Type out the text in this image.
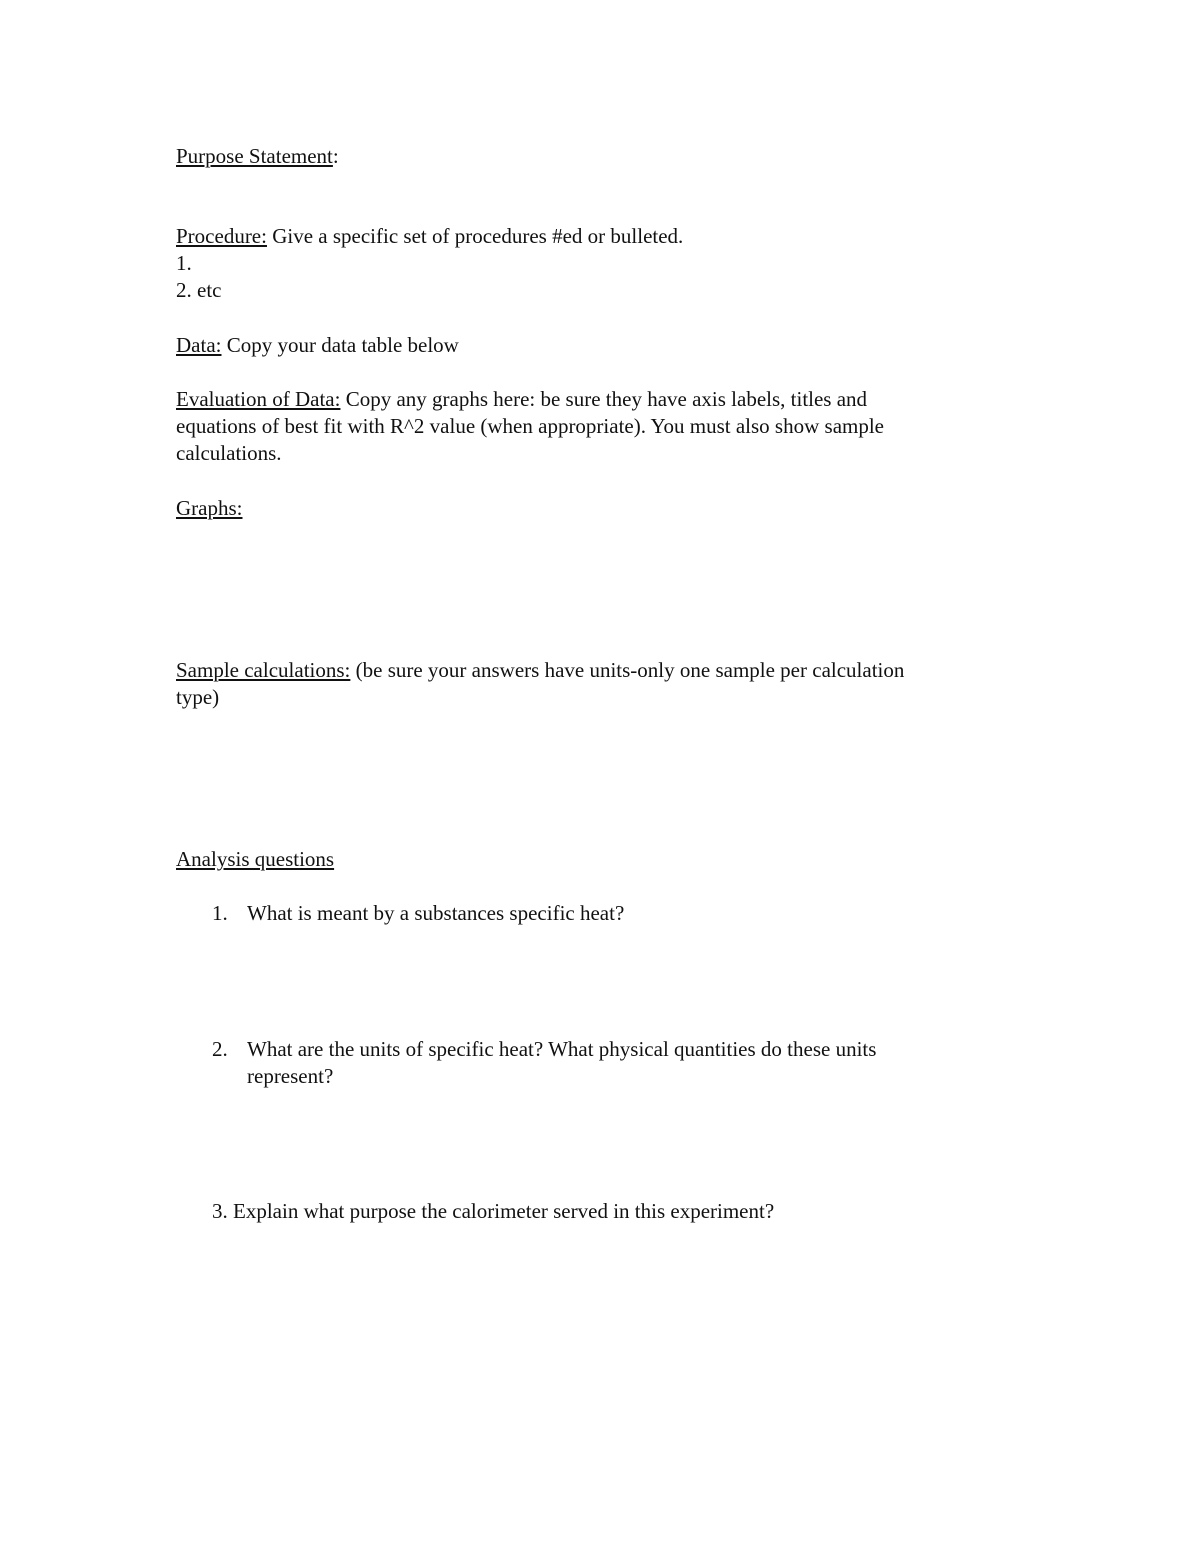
Purpose Statement:
Procedure: Give a specific set of procedures #ed or bulleted.
1.
2. etc
Data: Copy your data table below
Evaluation of Data: Copy any graphs here: be sure they have axis labels, titles and
equations of best fit with R^2 value (when appropriate). You must also show sample
calculations.
Graphs:
Sample calculations: (be sure your answers have units-only one sample per calculation
type)
Analysis questions
1. What is meant by a substances specific heat?
2. What are the units of specific heat? What physical quantities do these units
represent?
3. Explain what purpose the calorimeter served in this experiment?
